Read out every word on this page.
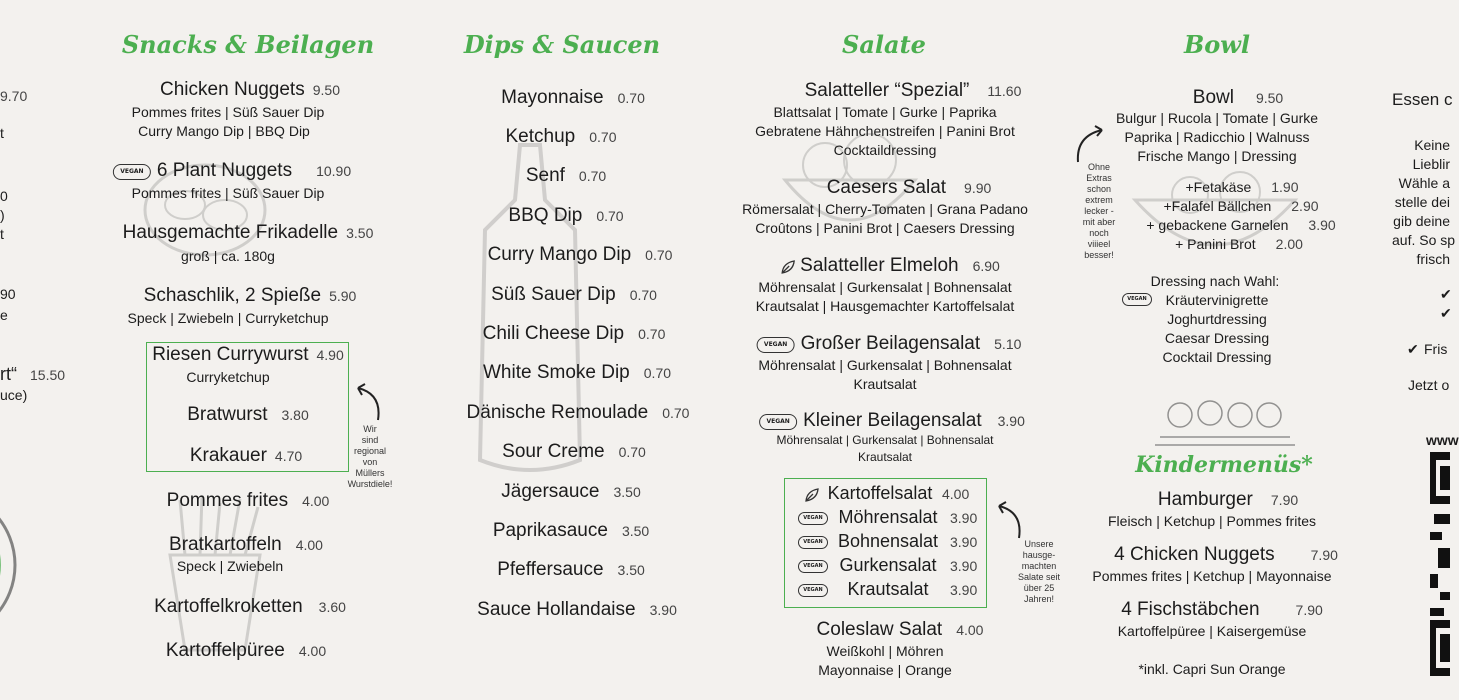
9.70
t
0
)
t
90
e
rt“ 15.50
uce)
Snacks & Beilagen
Chicken Nuggets 9.50
Pommes frites | Süß Sauer Dip
Curry Mango Dip | BBQ Dip
VEGAN 6 Plant Nuggets 10.90
Pommes frites | Süß Sauer Dip
Hausgemachte Frikadelle 3.50
groß | ca. 180g
Schaschlik, 2 Spieße 5.90
Speck | Zwiebeln | Curryketchup
Riesen Currywurst 4.90
Curryketchup
Bratwurst 3.80
Krakauer 4.70
Wir
sind
regional
von
Müllers
Wurstdiele!
Pommes frites 4.00
Bratkartoffeln 4.00
Speck | Zwiebeln
Kartoffelkroketten 3.60
Kartoffelpüree 4.00
Dips & Saucen
Mayonnaise 0.70
Ketchup 0.70
Senf 0.70
BBQ Dip 0.70
Curry Mango Dip 0.70
Süß Sauer Dip 0.70
Chili Cheese Dip 0.70
White Smoke Dip 0.70
Dänische Remoulade 0.70
Sour Creme 0.70
Jägersauce 3.50
Paprikasauce 3.50
Pfeffersauce 3.50
Sauce Hollandaise 3.90
Salate
Salatteller “Spezial” 11.60
Blattsalat | Tomate | Gurke | Paprika
Gebratene Hähnchenstreifen | Panini Brot
Cocktaildressing
Caesers Salat 9.90
Römersalat | Cherry-Tomaten | Grana Padano
Croûtons | Panini Brot | Caesers Dressing
Salatteller Elmeloh 6.90
Möhrensalat | Gurkensalat | Bohnensalat
Krautsalat | Hausgemachter Kartoffelsalat
VEGAN Großer Beilagensalat 5.10
Möhrensalat | Gurkensalat | Bohnensalat
Krautsalat
VEGAN Kleiner Beilagensalat 3.90
Möhrensalat | Gurkensalat | Bohnensalat
Krautsalat
Kartoffelsalat 4.00
VEGAN Möhrensalat 3.90
VEGAN Bohnensalat 3.90
VEGAN Gurkensalat 3.90
VEGAN Krautsalat 3.90
Unsere
hausge-
machten
Salate seit
über 25
Jahren!
Coleslaw Salat 4.00
Weißkohl | Möhren
Mayonnaise | Orange
Bowl
Bowl 9.50
Bulgur | Rucola | Tomate | Gurke
Paprika | Radicchio | Walnuss
Frische Mango | Dressing
Ohne
Extras
schon
extrem
lecker -
mit aber
noch
viiieel
besser!
+Fetakäse 1.90
+Falafel Bällchen 2.90
+ gebackene Garnelen 3.90
+ Panini Brot 2.00
Dressing nach Wahl:
VEGAN	Kräutervinigrette
Joghurtdressing
Caesar Dressing
Cocktail Dressing
Kindermenüs*
Hamburger 7.90
Fleisch | Ketchup | Pommes frites
4 Chicken Nuggets	7.90
Pommes frites | Ketchup | Mayonnaise
4 Fischstäbchen	7.90
Kartoffelpüree | Kaisergemüse
*inkl. Capri Sun Orange
Essen c
Keine
Lieblir
Wähle a
stelle dei
gib deine
auf. So sp
frisch
✔
✔
✔ Fris
Jetzt o
www
